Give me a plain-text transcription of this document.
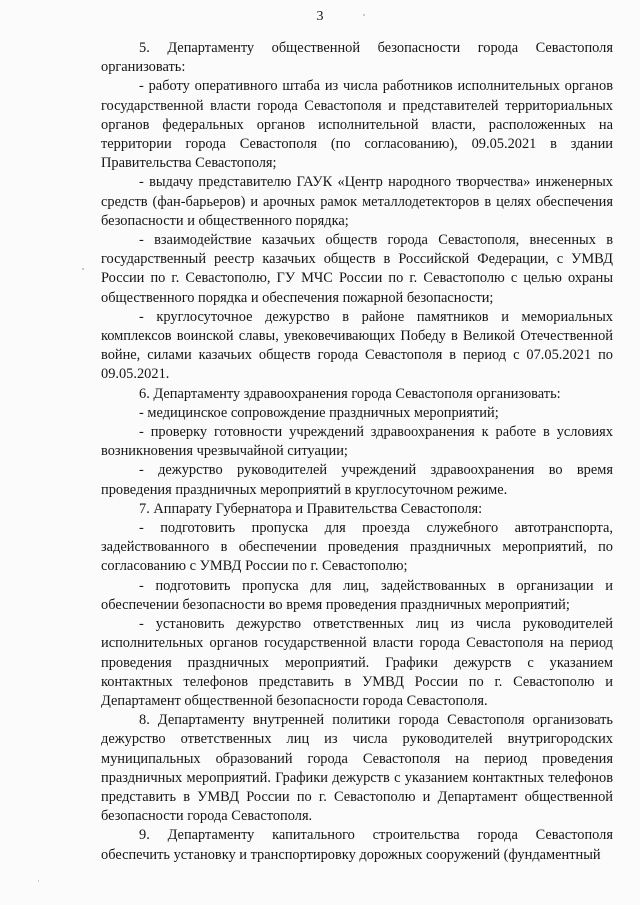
3

5. Департаменту общественной безопасности города Севастополя организовать:

- работу оперативного штаба из числа работников исполнительных органов государственной власти города Севастополя и представителей территориальных органов федеральных органов исполнительной власти, расположенных на территории города Севастополя (по согласованию), 09.05.2021 в здании Правительства Севастополя;

- выдачу представителю ГАУК «Центр народного творчества» инженерных средств (фан-барьеров) и арочных рамок металлодетекторов в целях обеспечения безопасности и общественного порядка;

- взаимодействие казачьих обществ города Севастополя, внесенных в государственный реестр казачьих обществ в Российской Федерации, с УМВД России по г. Севастополю, ГУ МЧС России по г. Севастополю с целью охраны общественного порядка и обеспечения пожарной безопасности;

- круглосуточное дежурство в районе памятников и мемориальных комплексов воинской славы, увековечивающих Победу в Великой Отечественной войне, силами казачьих обществ города Севастополя в период с 07.05.2021 по 09.05.2021.

6. Департаменту здравоохранения города Севастополя организовать:

- медицинское сопровождение праздничных мероприятий;

- проверку готовности учреждений здравоохранения к работе в условиях возникновения чрезвычайной ситуации;

- дежурство руководителей учреждений здравоохранения во время проведения праздничных мероприятий в круглосуточном режиме.

7. Аппарату Губернатора и Правительства Севастополя:

- подготовить пропуска для проезда служебного автотранспорта, задействованного в обеспечении проведения праздничных мероприятий, по согласованию с УМВД России по г. Севастополю;

- подготовить пропуска для лиц, задействованных в организации и обеспечении безопасности во время проведения праздничных мероприятий;

- установить дежурство ответственных лиц из числа руководителей исполнительных органов государственной власти города Севастополя на период проведения праздничных мероприятий. Графики дежурств с указанием контактных телефонов представить в УМВД России по г. Севастополю и Департамент общественной безопасности города Севастополя.

8. Департаменту внутренней политики города Севастополя организовать дежурство ответственных лиц из числа руководителей внутригородских муниципальных образований города Севастополя на период проведения праздничных мероприятий. Графики дежурств с указанием контактных телефонов представить в УМВД России по г. Севастополю и Департамент общественной безопасности города Севастополя.

9. Департаменту капитального строительства города Севастополя обеспечить установку и транспортировку дорожных сооружений (фундаментный
